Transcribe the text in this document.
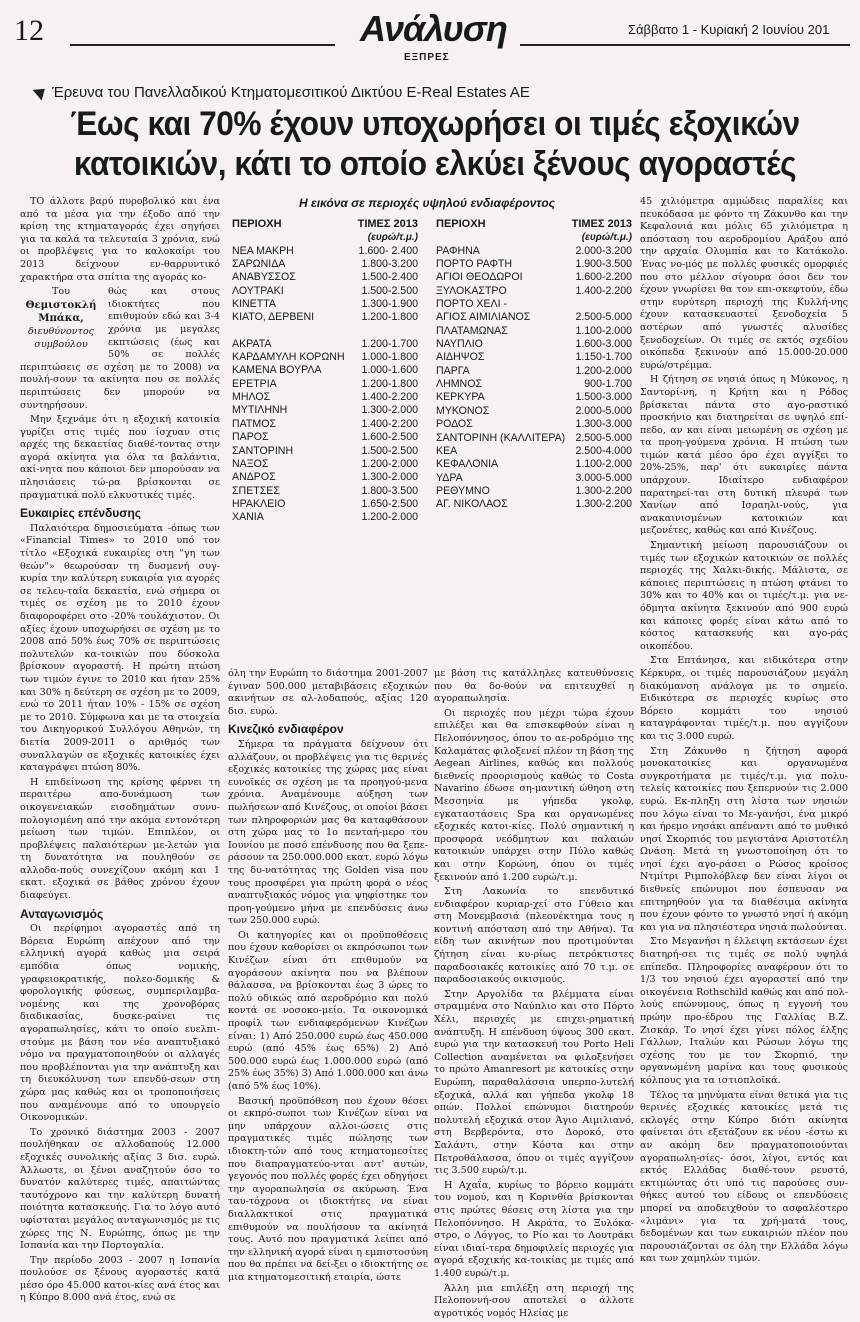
12	Ανάλυση
ΕΞΠΡΕΣ
Σάββατο 1 - Κυριακή 2 Ιουνίου 201
Έρευνα του Πανελλαδικού Κτηματομεσιτικού Δικτύου E-Real Estates AE
Έως και 70% έχουν υποχωρήσει οι τιμές εξοχικών
κατοικιών, κάτι το οποίο ελκύει ξένους αγοραστές

ΤΟ άλλοτε βαρύ πυροβολικό και ένα από τα μέσα για την έξοδο από την κρίση της κτηματαγοράς έχει σηγήσει για τα καλά τα τελευταία 3 χρόνια, ενώ οι προβλέψεις για το καλοκαίρι του 2013 δείχνουν εν-θαρρυντικό χαρακτήρα στα σπίτια της αγοράς κο-

Του Θεμιστοκλή Μπάκα,
διευθύνοντος συμβούλου

θώς και στους ιδιοκτήτες που επιθυμούν εδώ και 3-4 χρόνια με μεγαλες εκπτώσεις (έως και 50% σε πολλές περιπτώσεις σε σχέση με το 2008) να πουλή-σουν τα ακίνητα που σε πολλές περιπτώσεις δεν μπορούν να συντηρήσουν.

Μην ξεχνάμε ότι η εξοχική κατοικία γυρίζει στις τιμές που ίσχυαν στις αρχές της δεκαετίας διαθέ-τοντας στην αγορά ακίνητα για όλα τα βαλάντια, ακί-νητα που κάποιοι δεν μπορούσαν να πλησιάσεις τώ-ρα βρίσκονται σε πραγματικά πολύ ελκυστικές τιμές.

Ευκαιρίες επένδυσης

Παλαιότερα δημοσιεύματα -όπως των «Financial Times» το 2010 υπό τον τίτλο «Εξοχικά ευκαιρίες στη "γη των θεών"» θεωρούσαν τη δυσμενή συγ-κυρία την καλύτερη ευκαιρία για αγορές σε τελευ-ταία δεκαετία, ενώ σήμερα οι τιμές σε σχέση με το 2010 έχουν διαφοροφέρει στο -20% τουλάχιστον. Οι αξίες έχουν υποχωρήσει σε σχέση με το 2008 από 50% έως 70% σε περιπτώσεις πολυτελών κα-τοικιών που δύσκολα βρίσκουν αγοραστή. Η πρώτη πτώση των τιμών έγινε το 2010 και ήταν 25% και 30% η δεύτερη σε σχέση με το 2009, ενώ το 2011 ήταν 10% - 15% σε σχέση με το 2010. Σύμφωνα και με τα στοιχεία του Δικηγορικού Συλλόγου Αθηνών, τη διετία 2009-2011 ο αριθμός των συναλλαγών σε εξοχικές κατοικίες έχει καταγράψει πτώση 80%.

Η επιδείνωση της κρίσης φέρνει τη περαιτέρω απο-δυνάμωση των οικογενειακών εισοδημάτων συνυ-πολογισμένη από την ακόμα εντονότερη μείωση των τιμών. Επιπλέον, οι προβλέψεις παλαιότερων με-λετών για τη δυνατότητα να πουληθούν σε αλλοδα-πούς συνεχίζουν ακόμη και 1 εκατ. εξοχικά σε βάθος χρόνου έχουν διαφεύγει.

Ανταγωνισμός

Οι περίφημοι αγοραστές από τη Βόρεια Ευρώπη απέχουν από την ελληνική αγορά καθώς μια σειρά εμπόδια όπως νομικής, γραφειοκρατικής, πολεο-δομικής & φορολογικής φύσεως, συμπεριλαμβα-νομένης και της χρονοβόρας διαδικασίας, δυσκε-ραίνει τις αγοραπωλησίες, κάτι το οποίο ευελπι-στούμε με βάση τον νέο αναπτυξιακό νόμο να πραγματοποιηθούν οι αλλαγές που προβλέπονται για την ανάπτυξη και τη διευκόλυνση των επενδύ-σεων στη χώρα μας καθώς και οι τροποποιήσεις που αναμένουμε από το υπουργείο Οικονομικών.

Τo χρονικό διάστημα 2003 - 2007 πουλήθηκαν σε αλλοδαπούς 12.000 εξοχικές συνολικής αξίας 3 δισ. ευρώ. Άλλωστε, οι ξένοι αναζητούν όσο το δυνατόν καλύτερες τιμές, απαιτώντας ταυτόχρονο και την καλύτερη δυνατή ποιότητα κατασκευής. Για το λόγο αυτό υφίσταται μεγάλος ανταγωνισμός με τις χώρες της Ν. Ευρώπης, όπως με την Ισπανία και την Πορτογαλία.

Την περίοδο 2003 - 2007 η Ισπανία πουλούσε σε ξένους αγοραστές κατά μέσο όρο 45.000 κατοι-κίες ανά έτος και η Κύπρο 8.000 ανά έτος, ενώ σε

Η εικόνα σε περιοχές υψηλού ενδιαφέροντος
ΠΕΡΙΟΧΗ	ΤΙΜΕΣ 2013
(ευρώ/τ.μ.)
ΝΕΑ ΜΑΚΡΗ	1.600- 2.400
ΣΑΡΩΝΙΔΑ	1.800-3.200
ΑΝΑΒΥΣΣΟΣ	1.500-2.400
ΛΟΥΤΡΑΚΙ	1.500-2.500
ΚΙΝΕΤΤΑ	1.300-1.900
ΚΙΑΤΟ, ΔΕΡΒΕΝΙ	1.200-1.800
ΑΚΡΑΤΑ	1.200-1.700
ΚΑΡΔΑΜΥΛΗ ΚΟΡΩΝΗ 1.000-1.800
ΚΑΜΕΝΑ ΒΟΥΡΛΑ	1.000-1.600
ΕΡΕΤΡΙΑ	1.200-1.800
ΜΗΛΟΣ	1.400-2.200
ΜΥΤΙΛΗΝΗ	1.300-2.000
ΠΑΤΜΟΣ	1.400-2.200
ΠΑΡΟΣ	1.600-2.500
ΣΑΝΤΟΡΙΝΗ	1.500-2.500
ΝΑΞΟΣ	1.200-2.000
ΑΝΔΡΟΣ	1.300-2.000
ΣΠΕΤΣΕΣ	1.800-3.500
ΗΡΑΚΛΕΙΟ	1.650-2.500
ΧΑΝΙΑ	1.200-2.000
ΠΕΡΙΟΧΗ	ΤΙΜΕΣ 2013
(ευρώ/τ.μ.)
ΡΑΦΗΝΑ	2.000-3.200
ΠΟΡΤΟ ΡΑΦΤΗ	1.900-3.500
ΑΓΙΟΙ ΘΕΟΔΩΡΟΙ	1.600-2.200
ΞΥΛΟΚΑΣΤΡΟ	1.400-2.200
ΠΟΡΤΟ ΧΕΛΙ -
ΑΓΙΟΣ ΑΙΜΙΛΙΑΝΟΣ	2.500-5.000
ΠΛΑΤΑΜΩΝΑΣ	1.100-2.000
ΝΑΥΠΛΙΟ	1.600-3.000
ΑΙΔΗΨΟΣ	1.150-1.700
ΠΑΡΓΑ	1.200-2.000
ΛΗΜΝΟΣ	900-1.700
ΚΕΡΚΥΡΑ	1.500-3.000
ΜΥΚΟΝΟΣ	2.000-5.000
ΡΟΔΟΣ	1.300-3.000
ΣΑΝΤΟΡΙΝΗ (ΚΑΛΛΙΤΕΡΑ) 2.500-5.000
ΚΕΑ	2.500-4.000
ΚΕΦΑΛΟΝΙΑ	1.100-2.000
ΥΔΡΑ	3.000-5.000
ΡΕΘΥΜΝΟ	1.300-2.200
ΑΓ. ΝΙΚΟΛΑΟΣ	1.300-2.200

όλη την Ευρώπη το διάστημα 2001-2007 έγιναν 500.000 μεταβιβάσεις εξοχικών ακινήτων σε αλ-λοδαπούς, αξίας 120 δισ. ευρώ.

Κινεζικό ενδιαφέρον

Σήμερα τα πράγματα δείχνουν ότι αλλάζουν, οι προβλέψεις για τις θερινές εξοχικές κατοικίες της χώρας μας είναι ευνοϊκές σε σχέση με τα προηγού-μενα χρόνια. Αναμένουμε αύξηση των πωλήσεων από Κινέζους, οι οποίοι βάσει των πληροφοριών μας θα καταφθάσουν στη χώρα μας το 1ο πενταή-μερο του Ιουνίου με ποσό επένδυσης που θα ξεπε-ράσουν τα 250.000.000 εκατ. ευρώ λόγω της δυ-νατότητας της Golden visa που τους προσφέρει για πρώτη φορά ο νέος αναπτυξιακός νόμος για ψηφίστηκε τον προη-γούμενο μήνα με επενδύσεις άνω των 250.000 ευρώ.

Οι κατηγορίες και οι προϋποθέσεις που έχουν καθορίσει οι εκπρόσωποι των Κινέζων είναι ότι επιθυμούν να αγοράσουν ακίνητα που να βλέπουν θάλασσα, να βρίσκονται έως 3 ώρες το πολύ οδικώς από αεροδρόμιο και πολύ κοντά σε νοσοκο-μείο. Τα οικονομικά προφίλ των ενδιαφερόμενων Κινέζων είναι: 1) Από 250.000 ευρώ έως 450.000 ευρώ (από 45% έως 65%) 2) Από 500.000 ευρώ έως 1.000.000 ευρώ (από 25% έως 35%) 3) Από 1.000.000 και άνω (από 5% έως 10%).

Βασική προϋπόθεση που έχουν θέσει οι εκπρό-σωποι των Κινέζων είναι να μην υπάρχουν αλλοι-ώσεις στις πραγματικές τιμές πώλησης των ιδιοκτη-τών από τους κτηματομεσίτες που διαπραγματεύο-νται αντ' αυτών, γεγονός που πολλές φορές έχει οδηγήσει την αγοραπωλησία σε ακύρωση. Ένα ταυ-τόχρονα οι ιδιοκτήτες να είναι διαλλακτικοί στις πραγματικά επιθυμούν να πουλήσουν τα ακίνητά τους. Αυτό που πραγματικά λείπει από την ελληνική αγορά είναι η εμπιστοσύνη που θα πρέπει να δεί-ξει ο ιδιοκτήτης σε μια κτηματομεσιτική εταιρία, ώστε

με βάση τις κατάλληλες κατευθύνσεις που θα δο-θούν να επιτευχθεί η αγοραπωλησία.

Οι περιοχές που μέχρι τώρα έχουν επιλέξει και θα επισκεφθούν είναι η Πελοπόννησος, όπου το αε-ροδρόμιο της Καλαμάτας φιλοξενεί πλέον τη βάση της Aegean Airlines, καθώς και πολλούς διεθνείς προορισμούς καθώς το Costa Navarino έδωσε ση-μαντική ώθηση στη Μεσσηνία με γήπεδα γκολφ, εγκαταστάσεις Spa και οργανωμένες εξοχικές κατοι-κίες. Πολύ σημαντική η προσφορά νεόδμητων και παλαιών κατοικιών υπάρχει στην Πύλο καθώς και στην Κορώνη, όπου οι τιμές ξεκινούν από 1.200 ευρώ/τ.μ.

Στη Λακωνία το επενδυτικό ενδιαφέρον κυριαρ-χεί στο Γύθειο και στη Μονεμβασιά (πλεονέκτημα τους η κοντινή απόσταση από την Αθήνα). Τα είδη των ακινήτων που προτιμούνται ζήτηση είναι κυ-ρίως πετρόκτιστες παραδοσιακές κατοικίες από 70 τ.μ. σε παραδοσιακούς οικισμούς.

Στην Αργολίδα τα βλέμματα είναι στραμμένα στο Ναύπλιο και στο Πόρτο Χέλι, περιοχές με επιχει-ρηματική ανάπτυξη. Η επένδυση ύψους 300 εκατ. ευρώ για την κατασκευή του Porto Heli Collection αναμένεται να φιλοξενήσει το πρώτο Amanresort με κατοικίες στην Ευρώπη, παραθαλάσσια υπερπο-λυτελή εξοχικά, αλλά και γήπεδα γκολφ 18 οπών. Πολλοί επώνυμοι διατηρούν πολυτελή εξοχικά στον Άγιο Αιμιλιανό, στη Βερβερόντα, στο Δοροκό, στο Σαλάντι, στην Κόστα και στην Πετροθάλασσα, όπου οι τιμές αγγίζουν τις 3.500 ευρώ/τ.μ.

Η Αχαΐα, κυρίως το βόρειο κομμάτι του νομού, και η Κορινθία βρίσκονται στις πρώτες θέσεις στη λίστα για την Πελοπόννησο. Η Ακράτα, το Ξυλόκα-στρο, ο Λόγγος, το Ρίο και το Λουτράκι είναι ιδιαί-τερα δημοφιλείς περιοχές για αγορά εξοχικής κα-τοικίας με τιμές από 1.400 ευρώ/τ.μ.

Άλλη μια επιλέξη στη περιοχή της Πελοποννή-σου αποτελεί ο άλλοτε αγροτικός νομός Ηλείας με

45 χιλιόμετρα αμμώδεις παραλίες και πευκόδασα με φόντο τη Ζάκυνθο και την Κεφαλονιά και μόλις 65 χιλιόμετρα η απόσταση του αεροδρομίου Αράξου από την αρχαία Ολυμπία και το Κατάκολο. Ένας νο-μός με πολλές φυσικές ομορφιές που στο μέλλον σίγουρα όσοι δεν τον έχουν γνωρίσει θα τον επι-σκεφτούν, έδω στην ευρύτερη περιοχή της Κυλλή-νης έχουν κατασκευαστεί ξενοδοχεία 5 αστέρων από γνωστές αλυσίδες ξενοδοχείων. Οι τιμές σε εκτός σχεδίου οικόπεδα ξεκινούν από 15.000-20.000 ευρώ/στρέμμα.

Η ζήτηση σε νησιά όπως η Μύκονος, η Σαντορί-νη, η Κρήτη και η Ρόδος βρίσκεται πάντα στο αγο-ραστικό προσκήνιο και διατηρείται σε υψηλό επί-πεδο, αν και είναι μειωμένη σε σχέση με τα προη-γούμενα χρόνια. Η πτώση των τιμών κατά μέσο όρο έχει αγγίξει το 20%-25%, παρ' ότι ευκαιρίες πάντα υπάρχουν. Ιδιαίτερο ενδιαφέρον παρατηρεί-ται στη δυτική πλευρά των Χανίων από Ισραηλι-νούς, για ανακαινισμένων κατοικιών και μεζονέτες, καθώς και από Κινέζους.

Σημαντική μείωση παρουσιάζουν οι τιμές των εξοχικών κατοικιών σε πολλές περιοχές της Χαλκι-δικής. Μάλιστα, σε κάποιες περιπτώσεις η πτώση φτάνει το 30% και το 40% και οι τιμές/τ.μ. για νε-όδμητα ακίνητα ξεκινούν από 900 ευρώ και κάποιες φορές είναι κάτω από το κόστος κατασκευής και αγο-ράς οικοπέδου.

Στα Επτάνησα, και ειδικότερα στην Κέρκυρα, οι τιμές παρουσιάζουν μεγάλη διακύμανση ανάλογα με το σημείο. Ειδικότερα σε περιοχές κυρίως στο Βόρειο κομμάτι του νησιού καταγράφονται τιμές/τ.μ. που αγγίζουν και τις 3.000 ευρώ.

Στη Ζάκυνθο η ζήτηση αφορά μονοκατοικίες και οργανωμένα συγκροτήματα με τιμές/τ.μ. για πολυ-τελείς κατοικίες που ξεπερνούν τις 2.000 ευρώ. Εκ-πληξη στη λίστα των νησιών που λόγω είναι το Με-γανήσι, ένα μικρό και ήρεμο νησάκι απέναντι από το μυθικό νησί Σκορπιός του μεγιστάνα Αριστοτέλη Ωνάση. Μετά τη γνωστοποίηση ότι το νησί έχει αγο-ράσει ο Ρώσος κροίσος Ντμίτρι Ριμπολόβλεφ δεν είναι λίγοι οι διεθνείς επώνυμοι που έσπευσαν να επιτηρηθούν για τα διαθέσιμα ακίνητα που έχουν φόντο το γνωστό νησί ή ακόμη και για να πλησιέστερα νησιά πωλούνται.

Στο Μεγανήσι η έλλειψη εκτάσεων έχει διατηρή-σει τις τιμές σε πολύ υψηλά επίπεδα. Πληροφορίες αναφέρουν ότι το 1/3 του νησιού έχει αγοραστεί από την οικογένεια Rothschild καθώς και από πολ-λούς επώνυμους, όπως η εγγονή του πρώην προ-έδρου της Γαλλίας Β.Ζ. Ζισκάρ. Το νησί έχει γίνει πόλος έλξης Γάλλων, Ιταλών και Ρώσων λόγω της σχέσης του με τον Σκορπιό, την οργανωμένη μαρίνα και τους φυσικούς κόλπους για τα ιστιοπλοϊκά.

Τέλος τα μηνύματα είναι θετικά για τις θερινές εξοχικές κατοικίες μετά τις εκλογές στην Κύπρο διότι ακίνητα φαίνεται ότι εξετάζουν εκ νέου -έστω κι αν ακόμη δεν πραγματοποιούνται αγοραπωλη-σίες- όσοι, λίγοι, εντός και εκτός Ελλάδας διαθέ-τουν ρευστό, εκτιμώντας ότι υπό τις παρούσες συν-θήκες αυτού του είδους οι επενδύσεις μπορεί να αποδειχθούν το ασφαλέστερο «λιμάνι» για τα χρή-ματά τους, δεδομένων και των ευκαιριών πλέον που παρουσιάζονται σε όλη την Ελλάδα λόγω και των χαμηλών τιμών.
